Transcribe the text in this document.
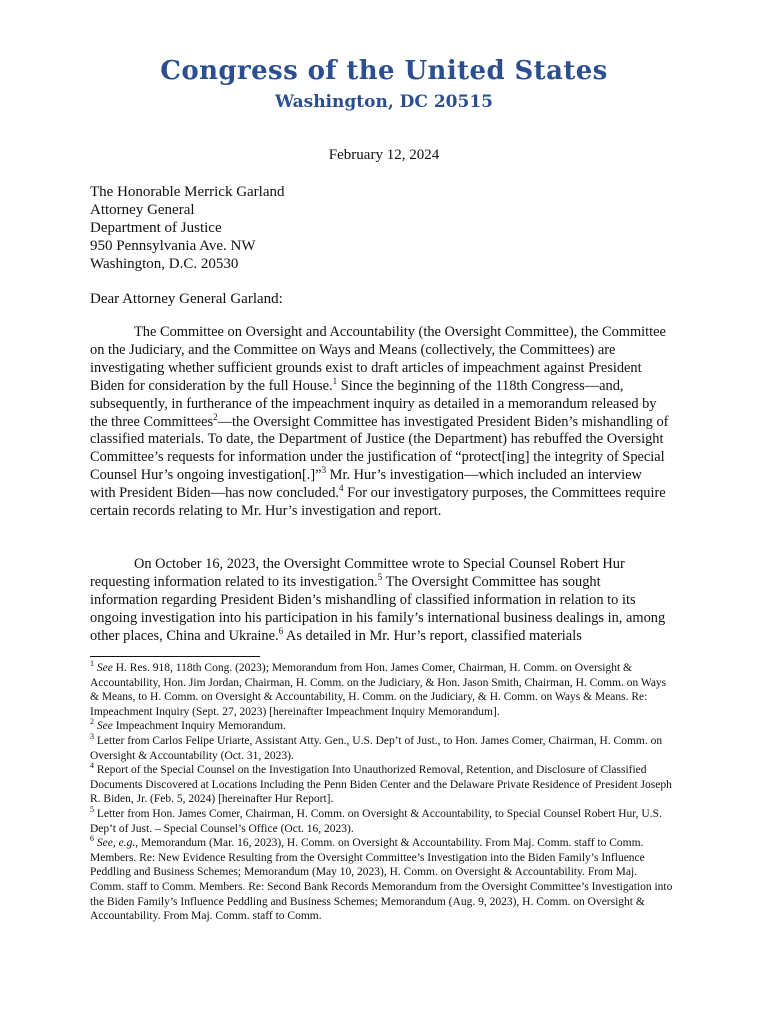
Congress of the United States
Washington, DC 20515
February 12, 2024
The Honorable Merrick Garland
Attorney General
Department of Justice
950 Pennsylvania Ave. NW
Washington, D.C. 20530
Dear Attorney General Garland:
The Committee on Oversight and Accountability (the Oversight Committee), the Committee on the Judiciary, and the Committee on Ways and Means (collectively, the Committees) are investigating whether sufficient grounds exist to draft articles of impeachment against President Biden for consideration by the full House.$^1$ Since the beginning of the 118th Congress—and, subsequently, in furtherance of the impeachment inquiry as detailed in a memorandum released by the three Committees$^2$—the Oversight Committee has investigated President Biden’s mishandling of classified materials. To date, the Department of Justice (the Department) has rebuffed the Oversight Committee’s requests for information under the justification of “protect[ing] the integrity of Special Counsel Hur’s ongoing investigation[.]”$^3$ Mr. Hur’s investigation—which included an interview with President Biden—has now concluded.$^4$ For our investigatory purposes, the Committees require certain records relating to Mr. Hur’s investigation and report.
On October 16, 2023, the Oversight Committee wrote to Special Counsel Robert Hur requesting information related to its investigation.$^5$ The Oversight Committee has sought information regarding President Biden’s mishandling of classified information in relation to its ongoing investigation into his participation in his family’s international business dealings in, among other places, China and Ukraine.$^6$ As detailed in Mr. Hur’s report, classified materials
$^1$ See H. Res. 918, 118th Cong. (2023); Memorandum from Hon. James Comer, Chairman, H. Comm. on Oversight & Accountability, Hon. Jim Jordan, Chairman, H. Comm. on the Judiciary, & Hon. Jason Smith, Chairman, H. Comm. on Ways & Means, to H. Comm. on Oversight & Accountability, H. Comm. on the Judiciary, & H. Comm. on Ways & Means. Re: Impeachment Inquiry (Sept. 27, 2023) [hereinafter Impeachment Inquiry Memorandum].
$^2$ See Impeachment Inquiry Memorandum.
$^3$ Letter from Carlos Felipe Uriarte, Assistant Atty. Gen., U.S. Dep’t of Just., to Hon. James Comer, Chairman, H. Comm. on Oversight & Accountability (Oct. 31, 2023).
$^4$ Report of the Special Counsel on the Investigation Into Unauthorized Removal, Retention, and Disclosure of Classified Documents Discovered at Locations Including the Penn Biden Center and the Delaware Private Residence of President Joseph R. Biden, Jr. (Feb. 5, 2024) [hereinafter Hur Report].
$^5$ Letter from Hon. James Comer, Chairman, H. Comm. on Oversight & Accountability, to Special Counsel Robert Hur, U.S. Dep’t of Just. – Special Counsel’s Office (Oct. 16, 2023).
$^6$ See, e.g., Memorandum (Mar. 16, 2023), H. Comm. on Oversight & Accountability. From Maj. Comm. staff to Comm. Members. Re: New Evidence Resulting from the Oversight Committee’s Investigation into the Biden Family’s Influence Peddling and Business Schemes; Memorandum (May 10, 2023), H. Comm. on Oversight & Accountability. From Maj. Comm. staff to Comm. Members. Re: Second Bank Records Memorandum from the Oversight Committee’s Investigation into the Biden Family’s Influence Peddling and Business Schemes; Memorandum (Aug. 9, 2023), H. Comm. on Oversight & Accountability. From Maj. Comm. staff to Comm.
